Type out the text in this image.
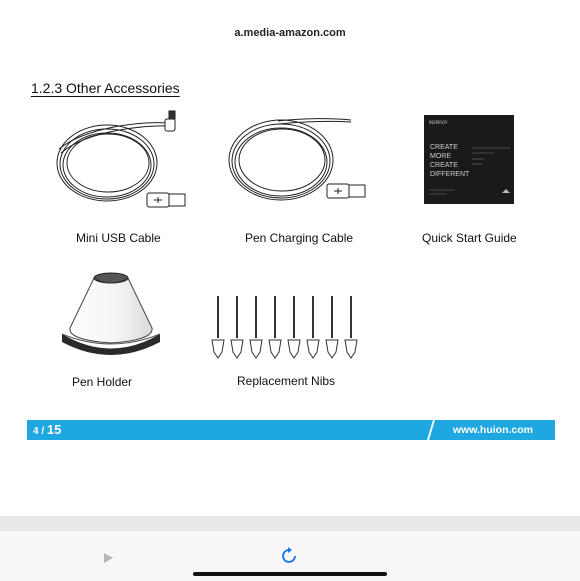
a.media-amazon.com
1.2.3 Other Accessories
Mini USB Cable	Pen Charging Cable
INSPIROY
CREATE
MORE
CREATE
DIFFERENT
Quick Start Guide
Pen Holder	Replacement Nibs
4 / 15	www.huion.com
